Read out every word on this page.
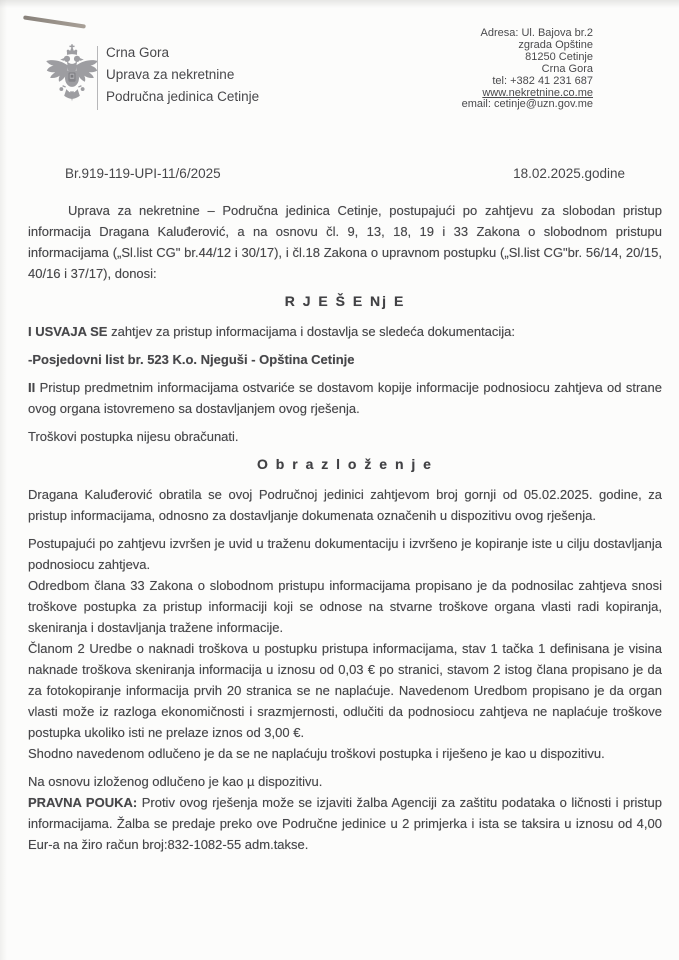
Crna Gora
Uprava za nekretnine
Područna jedinica Cetinje
Adresa: Ul. Bajova br.2
zgrada Opštine
81250 Cetinje
Crna Gora
tel: +382 41 231 687
www.nekretnine.co.me
email: cetinje@uzn.gov.me
Br.919-119-UPI-11/6/2025	18.02.2025.godine

Uprava za nekretnine – Područna jedinica Cetinje, postupajući po zahtjevu za slobodan pristup informacija Dragana Kaluđerović, a na osnovu čl. 9, 13, 18, 19 i 33 Zakona o slobodnom pristupu informacijama („Sl.list CG" br.44/12 i 30/17), i čl.18 Zakona o upravnom postupku („Sl.list CG"br. 56/14, 20/15, 40/16 i 37/17), donosi:

R J E Š E Nj E

I USVAJA SE zahtjev za pristup informacijama i dostavlja se sledeća dokumentacija:

-Posjedovni list br. 523 K.o. Njeguši - Opština Cetinje

II Pristup predmetnim informacijama ostvariće se dostavom kopije informacije podnosiocu zahtjeva od strane ovog organa istovremeno sa dostavljanjem ovog rješenja.

Troškovi postupka nijesu obračunati.

O b r a z l o ž e n j e

Dragana Kaluđerović obratila se ovoj Područnoj jedinici zahtjevom broj gornji od 05.02.2025. godine, za pristup informacijama, odnosno za dostavljanje dokumenata označenih u dispozitivu ovog rješenja.

Postupajući po zahtjevu izvršen je uvid u traženu dokumentaciju i izvršeno je kopiranje iste u cilju dostavljanja podnosiocu zahtjeva.

Odredbom člana 33 Zakona o slobodnom pristupu informacijama propisano je da podnosilac zahtjeva snosi troškove postupka za pristup informaciji koji se odnose na stvarne troškove organa vlasti radi kopiranja, skeniranja i dostavljanja tražene informacije.

Članom 2 Uredbe o naknadi troškova u postupku pristupa informacijama, stav 1 tačka 1 definisana je visina naknade troškova skeniranja informacija u iznosu od 0,03 € po stranici, stavom 2 istog člana propisano je da za fotokopiranje informacija prvih 20 stranica se ne naplaćuje. Navedenom Uredbom propisano je da organ vlasti može iz razloga ekonomičnosti i srazmjernosti, odlučiti da podnosiocu zahtjeva ne naplaćuje troškove postupka ukoliko isti ne prelaze iznos od 3,00 €.

Shodno navedenom odlučeno je da se ne naplaćuju troškovi postupka i riješeno je kao u dispozitivu.

Na osnovu izloženog odlučeno je kao µ dispozitivu.

PRAVNA POUKA: Protiv ovog rješenja može se izjaviti žalba Agenciji za zaštitu podataka o ličnosti i pristup informacijama. Žalba se predaje preko ove Područne jedinice u 2 primjerka i ista se taksira u iznosu od 4,00 Eur-a na žiro račun broj:832-1082-55 adm.takse.
